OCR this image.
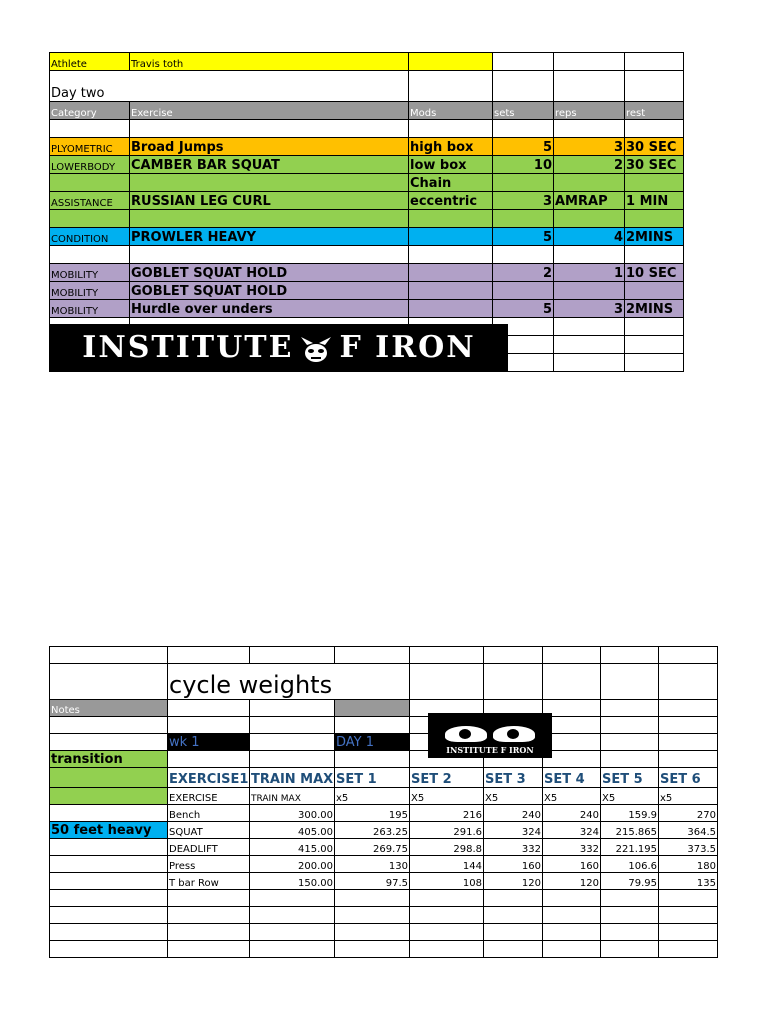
Athlete	Travis toth				
Day two					
Category	Exercise	Mods	sets	reps	rest

PLYOMETRIC	Broad Jumps	high box	5	3	30 SEC
LOWERBODY	CAMBER BAR SQUAT	low box	10	2	30 SEC
		Chain			
ASSISTANCE	RUSSIAN LEG CURL	eccentric	3	AMRAP	1 MIN

CONDITION	PROWLER HEAVY		5	4	2MINS

MOBILITY	GOBLET SQUAT HOLD		2	1	10 SEC
MOBILITY	GOBLET SQUAT HOLD				
MOBILITY	Hurdle over unders		5	3	2MINS

INSTITUTE F IRON

	cycle weights							
Notes								

	wk 1		DAY 1					
transition								
	EXERCISE1	TRAIN MAX	SET 1	SET 2	SET 3	SET 4	SET 5	SET 6
	EXERCISE	TRAIN MAX	x5	X5	X5	X5	X5	x5
	Bench	300.00	195	216	240	240	159.9	270
50 feet heavy	SQUAT	405.00	263.25	291.6	324	324	215.865	364.5
	DEADLIFT	415.00	269.75	298.8	332	332	221.195	373.5
	Press	200.00	130	144	160	160	106.6	180
	T bar Row	150.00	97.5	108	120	120	79.95	135

INSTITUTE F IRON
